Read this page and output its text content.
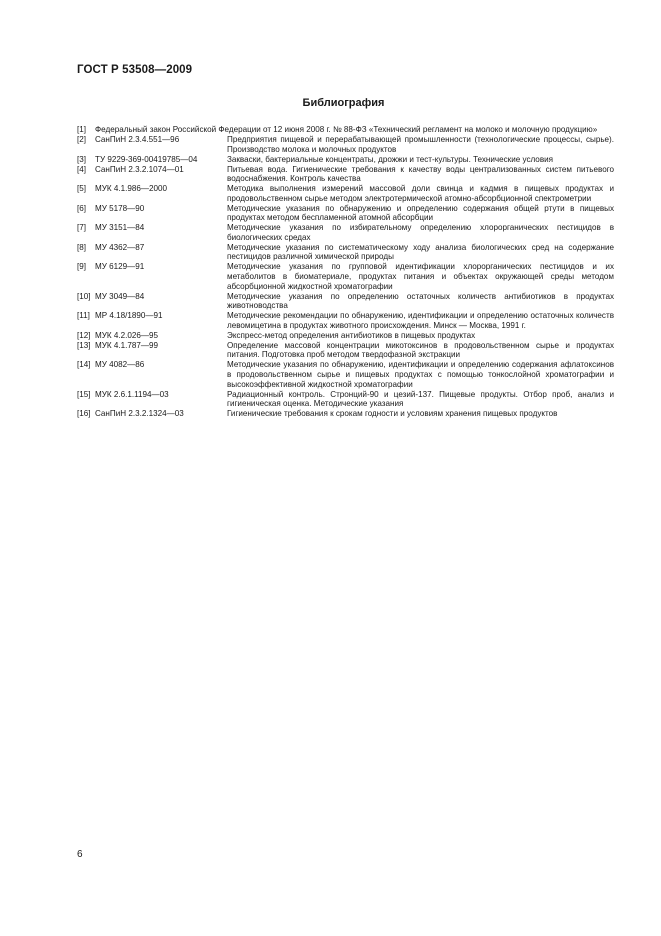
ГОСТ Р 53508—2009
Библиография
[1]	Федеральный закон Российской Федерации от 12 июня 2008 г. № 88-ФЗ «Технический регламент на молоко и молочную продукцию»
[2]	СанПиН 2.3.4.551—96	Предприятия пищевой и перерабатывающей промышленности (технологические процессы, сырье). Производство молока и молочных продуктов
[3]	ТУ 9229-369-00419785—04	Закваски, бактериальные концентраты, дрожжи и тест-культуры. Технические условия
[4]	СанПиН 2.3.2.1074—01	Питьевая вода. Гигиенические требования к качеству воды централизованных систем питьевого водоснабжения. Контроль качества
[5]	МУК 4.1.986—2000	Методика выполнения измерений массовой доли свинца и кадмия в пищевых продуктах и продовольственном сырье методом электротермической атомно-абсорбционной спектрометрии
[6]	МУ 5178—90	Методические указания по обнаружению и определению содержания общей ртути в пищевых продуктах методом беспламенной атомной абсорбции
[7]	МУ 3151—84	Методические указания по избирательному определению хлорорганических пестицидов в биологических средах
[8]	МУ 4362—87	Методические указания по систематическому ходу анализа биологических сред на содержание пестицидов различной химической природы
[9]	МУ 6129—91	Методические указания по групповой идентификации хлорорганических пестицидов и их метаболитов в биоматериале, продуктах питания и объектах окружающей среды методом абсорбционной жидкостной хроматографии
[10] МУ 3049—84	Методические указания по определению остаточных количеств антибиотиков в продуктах животноводства
[11] МР 4.18/1890—91	Методические рекомендации по обнаружению, идентификации и определению остаточных количеств левомицетина в продуктах животного происхождения. Минск — Москва, 1991 г.
[12] МУК 4.2.026—95	Экспресс-метод определения антибиотиков в пищевых продуктах
[13] МУК 4.1.787—99	Определение массовой концентрации микотоксинов в продовольственном сырье и продуктах питания. Подготовка проб методом твердофазной экстракции
[14] МУ 4082—86	Методические указания по обнаружению, идентификации и определению содержания афлатоксинов в продовольственном сырье и пищевых продуктах с помощью тонкослойной хроматографии и высокоэффективной жидкостной хроматографии
[15] МУК 2.6.1.1194—03	Радиационный контроль. Стронций-90 и цезий-137. Пищевые продукты. Отбор проб, анализ и гигиеническая оценка. Методические указания
[16] СанПиН 2.3.2.1324—03	Гигиенические требования к срокам годности и условиям хранения пищевых продуктов
6
